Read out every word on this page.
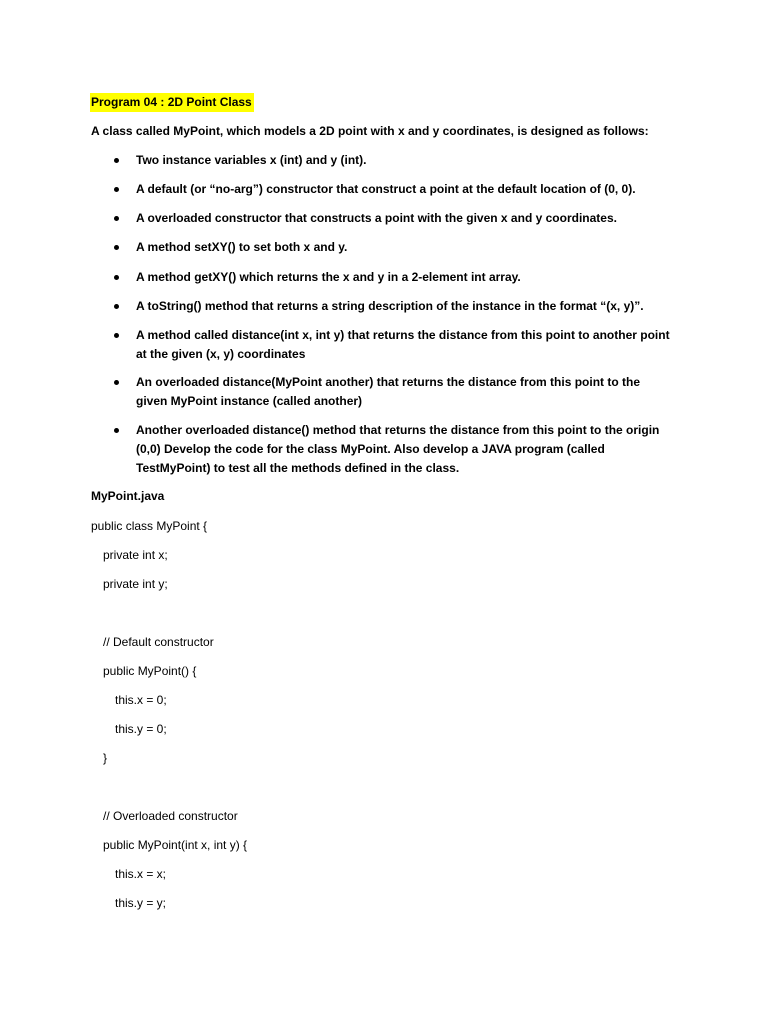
Program 04 : 2D Point Class
A class called MyPoint, which models a 2D point with x and y coordinates, is designed as follows:
Two instance variables x (int) and y (int).
A default (or “no-arg”) constructor that construct a point at the default location of (0, 0).
A overloaded constructor that constructs a point with the given x and y coordinates.
A method setXY() to set both x and y.
A method getXY() which returns the x and y in a 2-element int array.
A toString() method that returns a string description of the instance in the format “(x, y)”.
A method called distance(int x, int y) that returns the distance from this point to another point
at the given (x, y) coordinates
An overloaded distance(MyPoint another) that returns the distance from this point to the
given MyPoint instance (called another)
Another overloaded distance() method that returns the distance from this point to the origin
(0,0) Develop the code for the class MyPoint. Also develop a JAVA program (called
TestMyPoint) to test all the methods defined in the class.
MyPoint.java
public class MyPoint {
private int x;
private int y;
// Default constructor
public MyPoint() {
this.x = 0;
this.y = 0;
}
// Overloaded constructor
public MyPoint(int x, int y) {
this.x = x;
this.y = y;
